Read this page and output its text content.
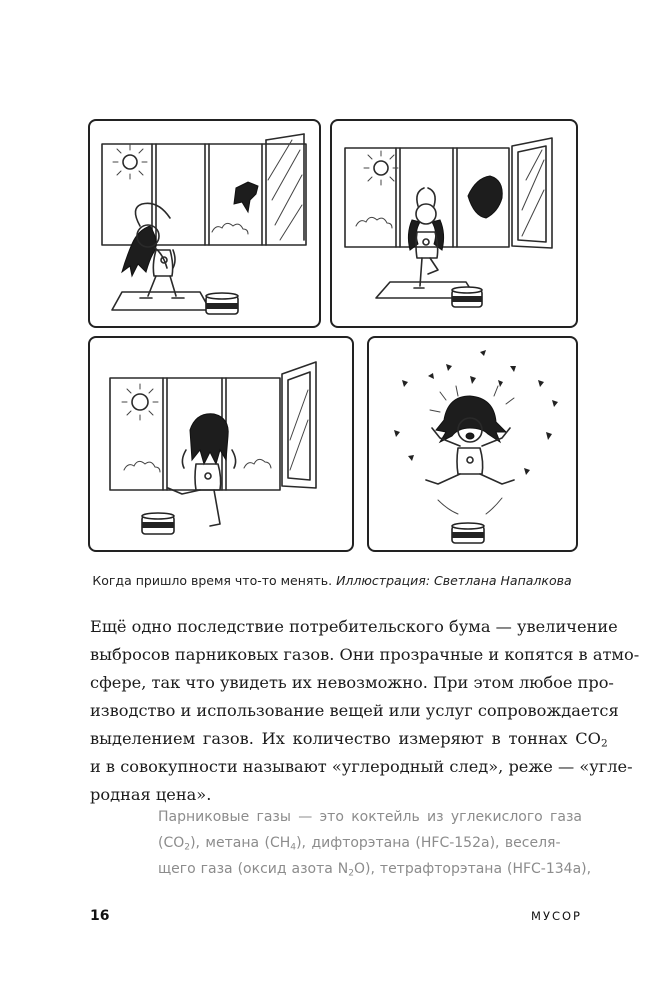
Когда пришло время что-то менять. Иллюстрация: Светлана Напалкова
Ещё одно последствие потребительского бума — увеличение
выбросов парниковых газов. Они прозрачные и копятся в атмо-
сфере, так что увидеть их невозможно. При этом любое про-
изводство и использование вещей или услуг сопровождается
выделением газов. Их количество измеряют в тоннах $CO_2$
и в совокупности называют «углеродный след», реже — «угле-
родная цена».
Парниковые газы — это коктейль из углекислого газа
$(CO_2)$, метана $(CH_4)$, дифторэтана (HFC-152a), веселя-
щего газа (оксид азота $N_2O$), тетрафторэтана (HFC-134a),
16	МУСОР
